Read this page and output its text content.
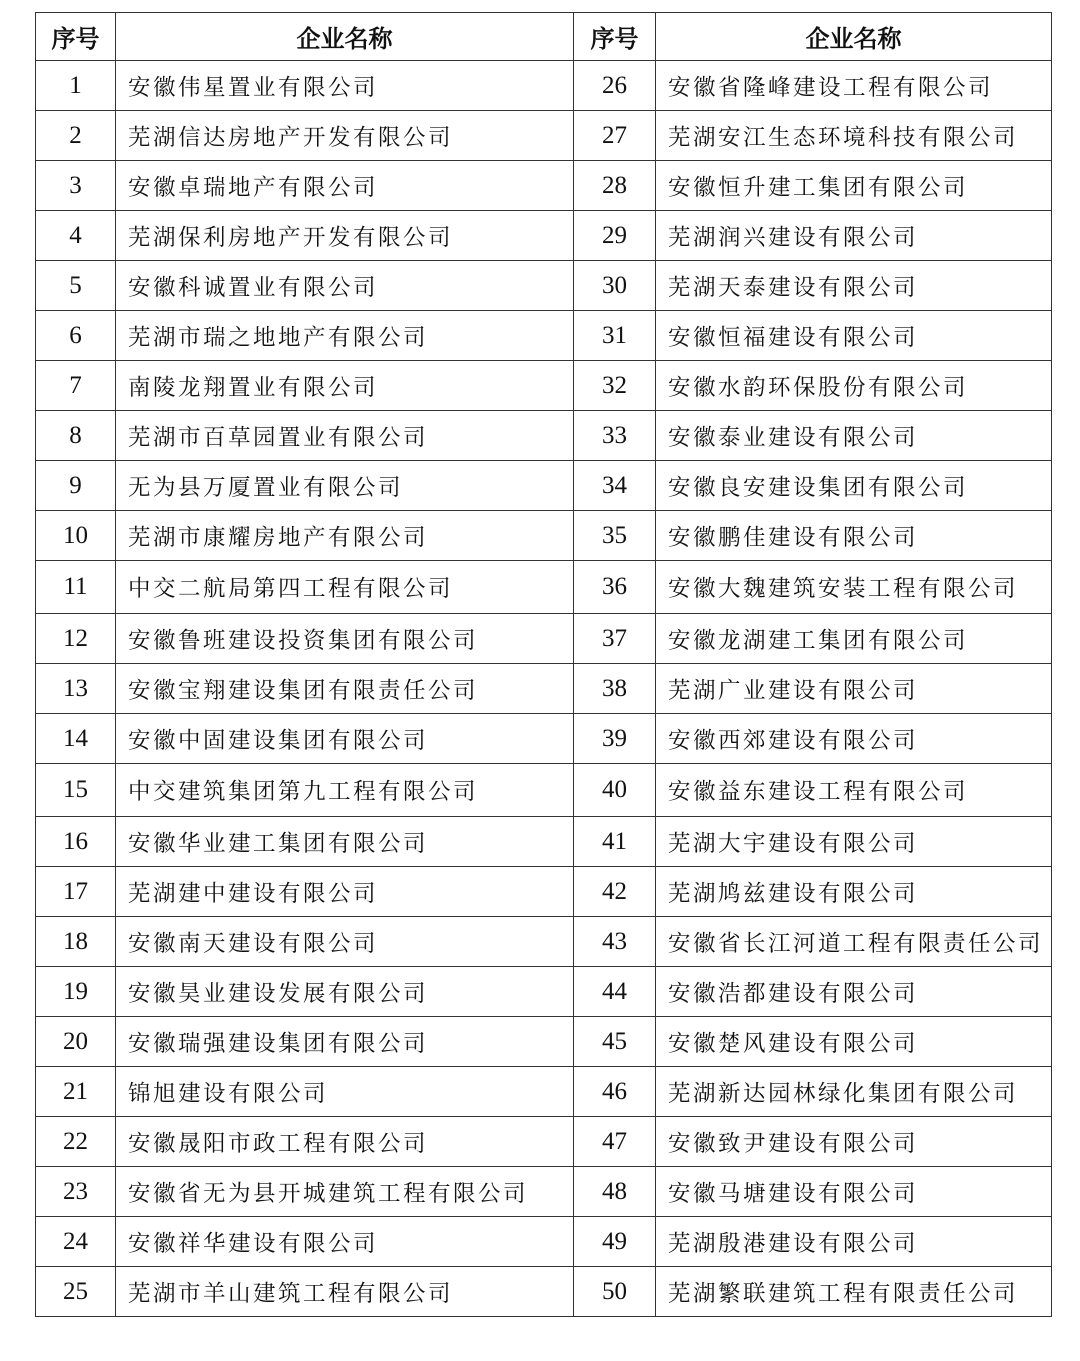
序号	企业名称	序号	企业名称
1	安徽伟星置业有限公司	26	安徽省隆峰建设工程有限公司
2	芜湖信达房地产开发有限公司	27	芜湖安江生态环境科技有限公司
3	安徽卓瑞地产有限公司	28	安徽恒升建工集团有限公司
4	芜湖保利房地产开发有限公司	29	芜湖润兴建设有限公司
5	安徽科诚置业有限公司	30	芜湖天泰建设有限公司
6	芜湖市瑞之地地产有限公司	31	安徽恒福建设有限公司
7	南陵龙翔置业有限公司	32	安徽水韵环保股份有限公司
8	芜湖市百草园置业有限公司	33	安徽泰业建设有限公司
9	无为县万厦置业有限公司	34	安徽良安建设集团有限公司
10	芜湖市康耀房地产有限公司	35	安徽鹏佳建设有限公司
11	中交二航局第四工程有限公司	36	安徽大魏建筑安装工程有限公司
12	安徽鲁班建设投资集团有限公司	37	安徽龙湖建工集团有限公司
13	安徽宝翔建设集团有限责任公司	38	芜湖广业建设有限公司
14	安徽中固建设集团有限公司	39	安徽西郊建设有限公司
15	中交建筑集团第九工程有限公司	40	安徽益东建设工程有限公司
16	安徽华业建工集团有限公司	41	芜湖大宇建设有限公司
17	芜湖建中建设有限公司	42	芜湖鸠兹建设有限公司
18	安徽南天建设有限公司	43	安徽省长江河道工程有限责任公司
19	安徽昊业建设发展有限公司	44	安徽浩都建设有限公司
20	安徽瑞强建设集团有限公司	45	安徽楚风建设有限公司
21	锦旭建设有限公司	46	芜湖新达园林绿化集团有限公司
22	安徽晟阳市政工程有限公司	47	安徽致尹建设有限公司
23	安徽省无为县开城建筑工程有限公司	48	安徽马塘建设有限公司
24	安徽祥华建设有限公司	49	芜湖殷港建设有限公司
25	芜湖市羊山建筑工程有限公司	50	芜湖繁联建筑工程有限责任公司
